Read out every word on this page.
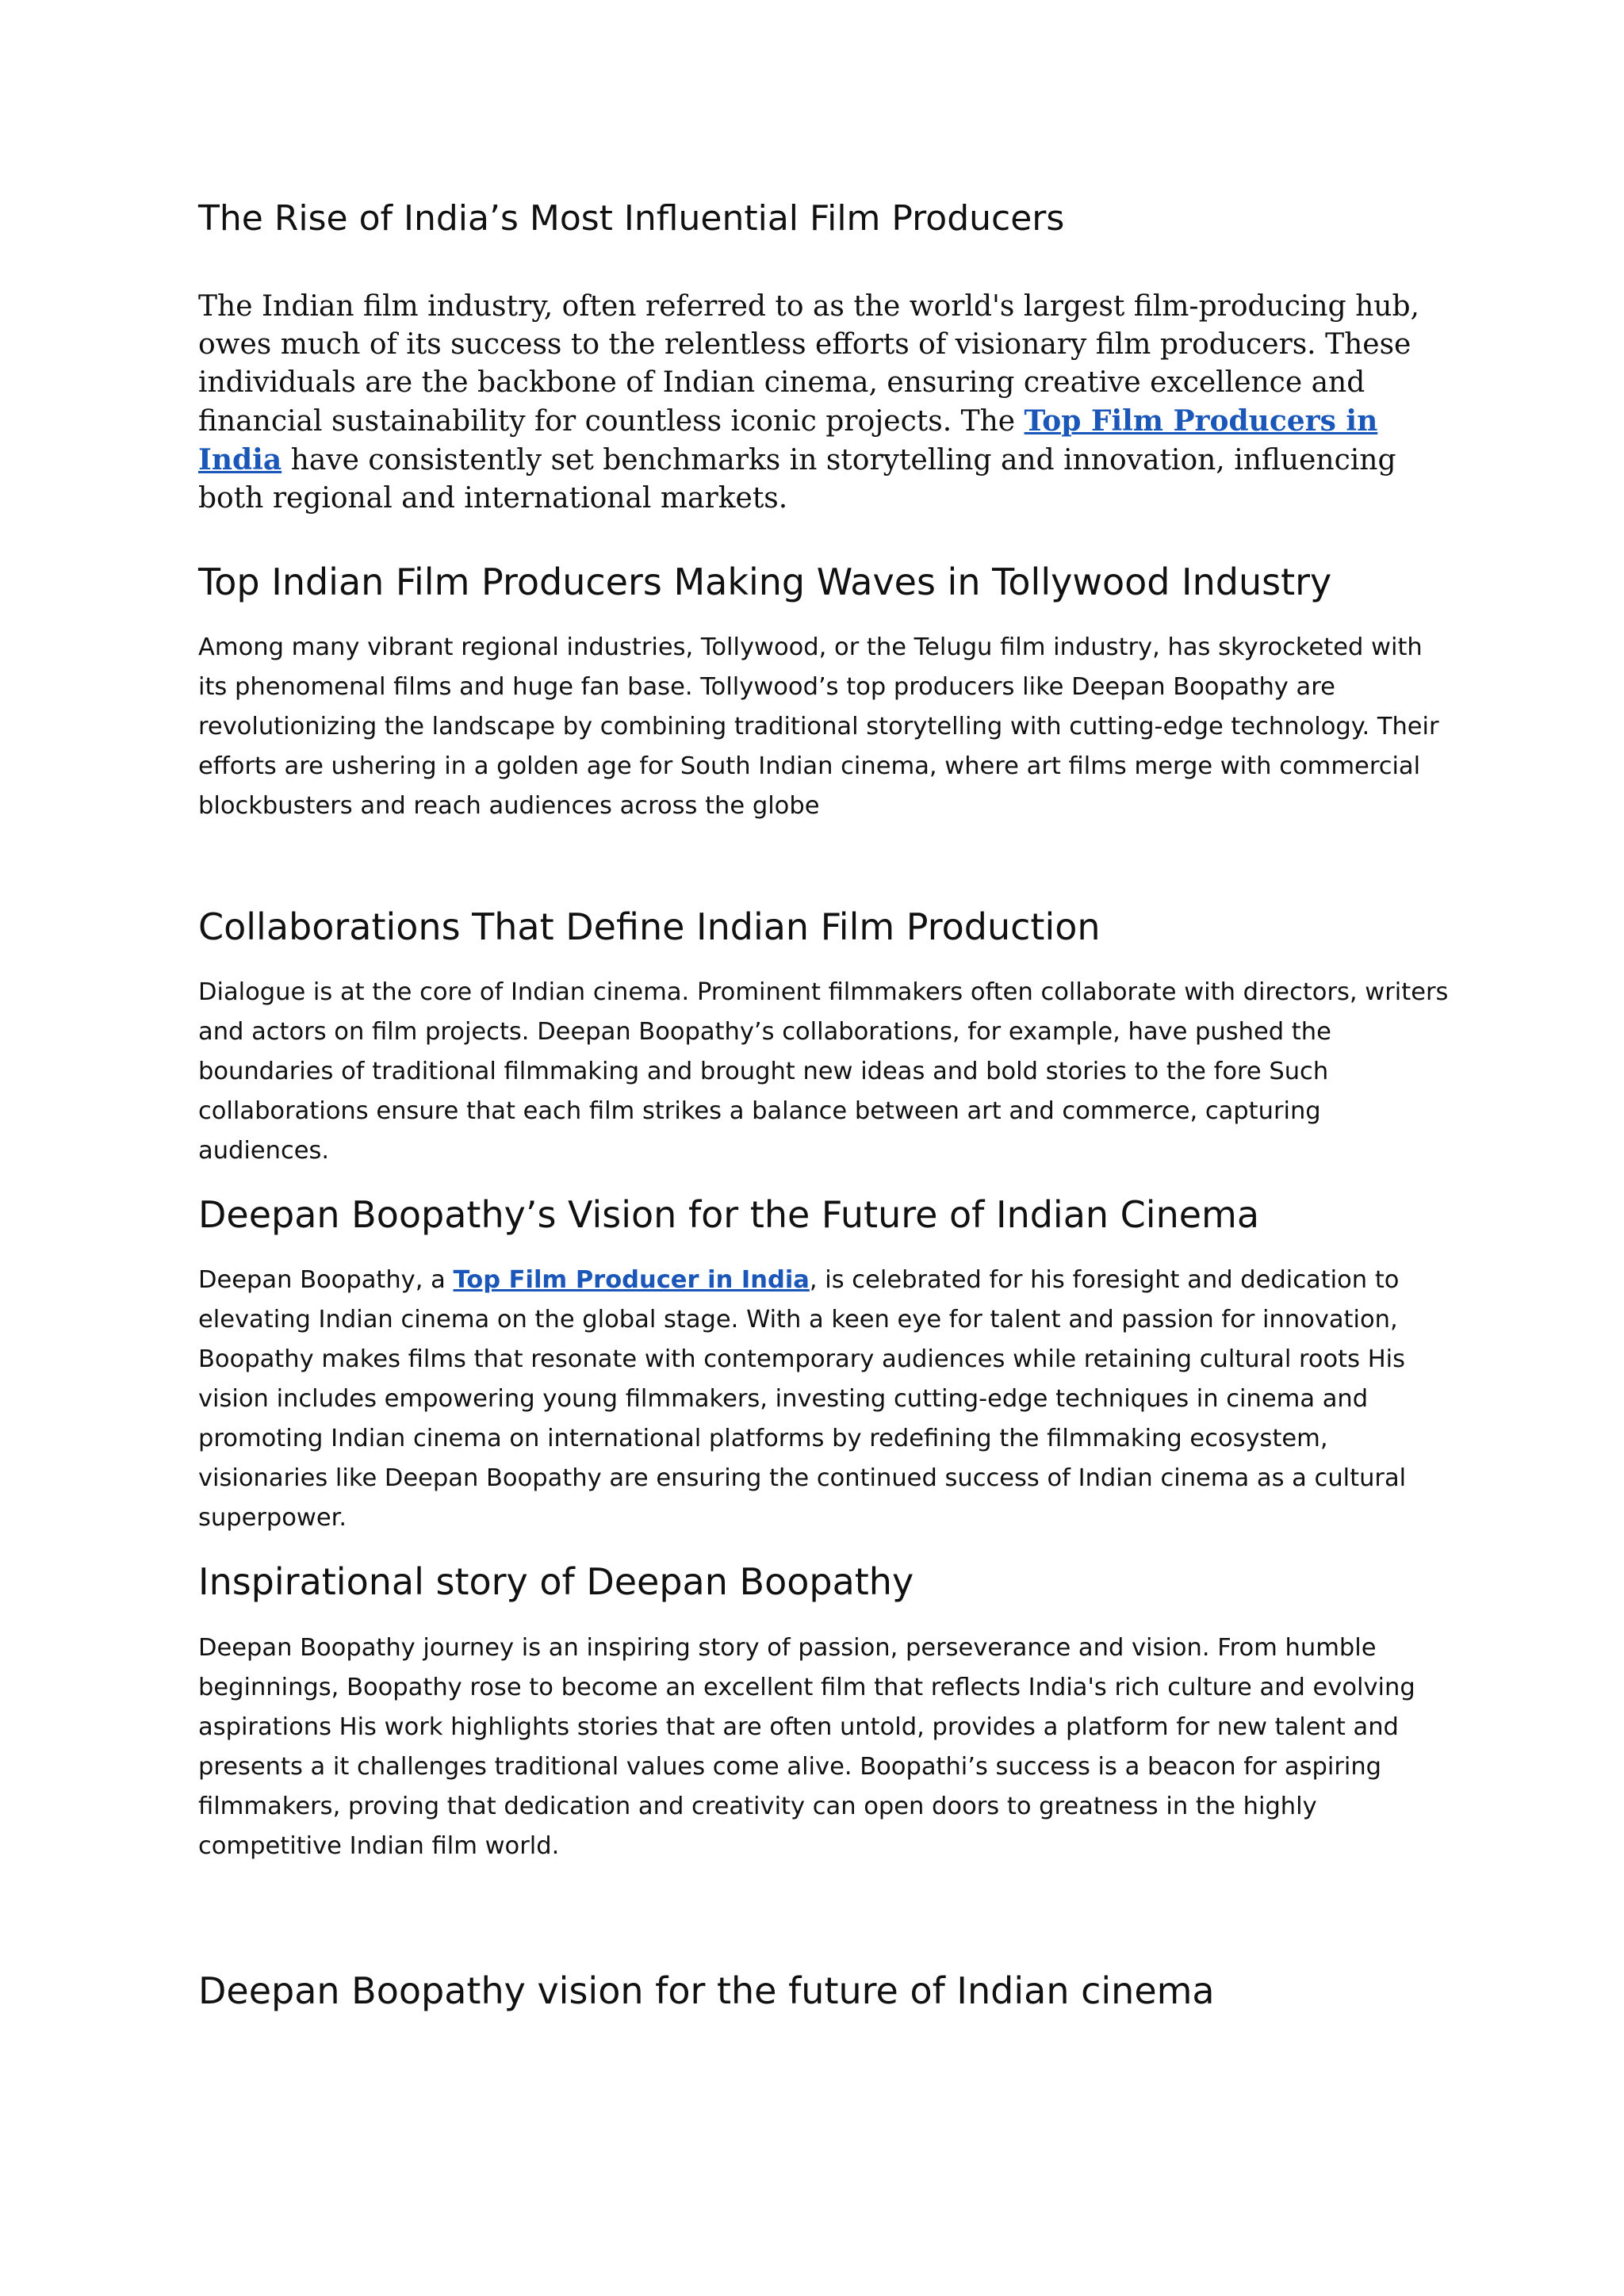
The Rise of India’s Most Influential Film Producers

The Indian film industry, often referred to as the world's largest film-producing hub, owes much of its success to the relentless efforts of visionary film producers. These individuals are the backbone of Indian cinema, ensuring creative excellence and financial sustainability for countless iconic projects. The Top Film Producers in India have consistently set benchmarks in storytelling and innovation, influencing both regional and international markets.

Top Indian Film Producers Making Waves in Tollywood Industry

Among many vibrant regional industries, Tollywood, or the Telugu film industry, has skyrocketed with its phenomenal films and huge fan base. Tollywood’s top producers like Deepan Boopathy are revolutionizing the landscape by combining traditional storytelling with cutting-edge technology. Their efforts are ushering in a golden age for South Indian cinema, where art films merge with commercial blockbusters and reach audiences across the globe

Collaborations That Define Indian Film Production

Dialogue is at the core of Indian cinema. Prominent filmmakers often collaborate with directors, writers and actors on film projects. Deepan Boopathy’s collaborations, for example, have pushed the boundaries of traditional filmmaking and brought new ideas and bold stories to the fore Such collaborations ensure that each film strikes a balance between art and commerce, capturing audiences.

Deepan Boopathy’s Vision for the Future of Indian Cinema

Deepan Boopathy, a Top Film Producer in India, is celebrated for his foresight and dedication to elevating Indian cinema on the global stage. With a keen eye for talent and passion for innovation, Boopathy makes films that resonate with contemporary audiences while retaining cultural roots His vision includes empowering young filmmakers, investing cutting-edge techniques in cinema and promoting Indian cinema on international platforms by redefining the filmmaking ecosystem, visionaries like Deepan Boopathy are ensuring the continued success of Indian cinema as a cultural superpower.

Inspirational story of Deepan Boopathy

Deepan Boopathy journey is an inspiring story of passion, perseverance and vision. From humble beginnings, Boopathy rose to become an excellent film that reflects India's rich culture and evolving aspirations His work highlights stories that are often untold, provides a platform for new talent and presents a it challenges traditional values come alive. Boopathi’s success is a beacon for aspiring filmmakers, proving that dedication and creativity can open doors to greatness in the highly competitive Indian film world.

Deepan Boopathy vision for the future of Indian cinema
